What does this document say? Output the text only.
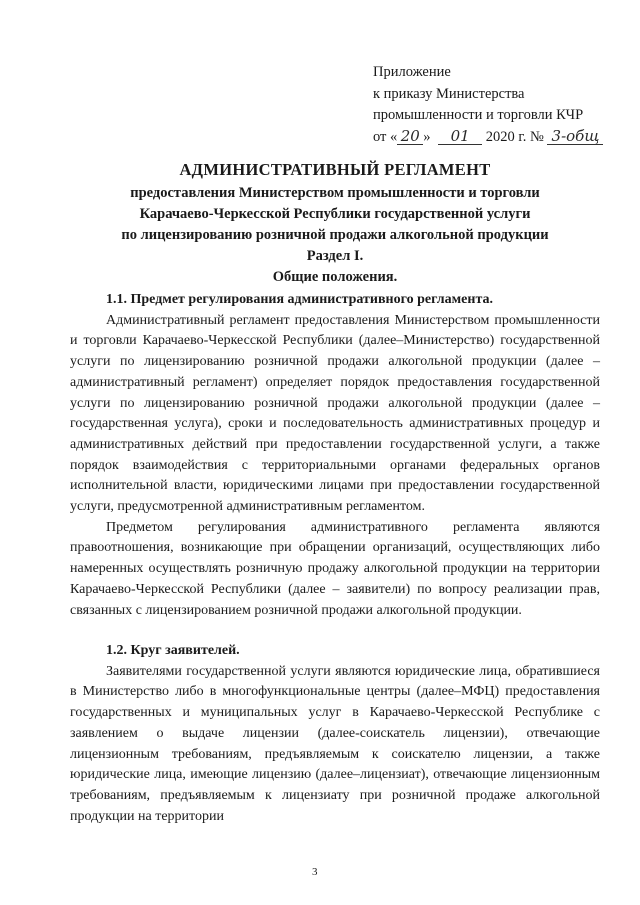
Приложение
к приказу Министерства
промышленности и торговли КЧР
от « 20 » 01 2020 г. № 3-общ
АДМИНИСТРАТИВНЫЙ РЕГЛАМЕНТ
предоставления Министерством промышленности и торговли
Карачаево-Черкесской Республики государственной услуги
по лицензированию розничной продажи алкогольной продукции
Раздел I.
Общие положения.
1.1. Предмет регулирования административного регламента.

Административный регламент предоставления Министерством промышленности и торговли Карачаево-Черкесской Республики (далее–Министерство) государственной услуги по лицензированию розничной продажи алкогольной продукции (далее – административный регламент) определяет порядок предоставления государственной услуги по лицензированию розничной продажи алкогольной продукции (далее – государственная услуга), сроки и последовательность административных процедур и административных действий при предоставлении государственной услуги, а также порядок взаимодействия с территориальными органами федеральных органов исполнительной власти, юридическими лицами при предоставлении государственной услуги, предусмотренной административным регламентом.

Предметом регулирования административного регламента являются правоотношения, возникающие при обращении организаций, осуществляющих либо намеренных осуществлять розничную продажу алкогольной продукции на территории Карачаево-Черкесской Республики (далее – заявители) по вопросу реализации прав, связанных с лицензированием розничной продажи алкогольной продукции.

1.2. Круг заявителей.

Заявителями государственной услуги являются юридические лица, обратившиеся в Министерство либо в многофункциональные центры (далее–МФЦ) предоставления государственных и муниципальных услуг в Карачаево-Черкесской Республике с заявлением о выдаче лицензии (далее-соискатель лицензии), отвечающие лицензионным требованиям, предъявляемым к соискателю лицензии, а также юридические лица, имеющие лицензию (далее–лицензиат), отвечающие лицензионным требованиям, предъявляемым к лицензиату при розничной продаже алкогольной продукции на территории

3
